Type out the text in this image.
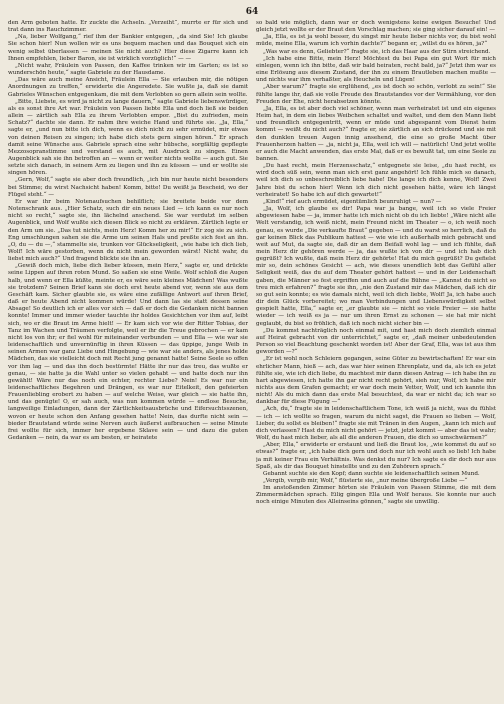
64

den Arm geboten hatte. Er zuckte die Achseln. „Verzeiht“, murrte er für sich und trat dann ins Rauchzimmer.

„Na, lieber Wolfgang,“ rief ihm der Bankier entgegen, „da sind Sie! Ich glaube Sie schon hier! Nun wollen wir es uns bequem machen und das Bouquet sich ein wenig selbst überlassen — meinen Sie nicht auch? Hier diese Zigarre kann ich Ihnen empfehlen, lieber Baron, sie ist wirklich vorzüglich!“ — —

„Nicht wahr, Fräulein von Passen, den Kaffee trinken wir im Garten; es ist so wunderschön heute,“ sagte Gabriele zu der Hausdame.

„Das wäre auch meine Ansicht, Fräulein Ella — Sie erlauben mir, die nötigen Anordnungen zu treffen,“ erwiderte die Angeredete. Sie wußte ja, daß sie damit Gabrieles Wünschen entgegenkam, die mit dem Verlobten so gern allein sein wollte.

„Bitte, Liebste, es wird ja nicht zu lange dauern,“ sagte Gabriele liebenswürdiger, als es sonst ihre Art war. Fräulein von Passen liebte Ella und doch ließ sie beiden allein — zärtlich sah Ella zu ihrem Verlobten empor. „Bist du zufrieden, mein Schatz?“ dachte sie dann. Er nahm ihre weiche Hand und führte sie. „Ja, Ella,“ sagte er, „und nun bitte ich dich, wenn es dich nicht zu sehr ermüdet, mir etwas von deinen Reisen zu singen; ich habe dich stets gern singen hören.“ Er sprach damit seine Wünsche aus. Gabriele sprach eine sehr hübsche, sorgfältig gepflegte Mezzosopranstimme und verstand es auch, mit Ausdruck zu singen. Einen Augenblick sah sie ihn betroffen an — wenn er weiter nichts wollte — auch gut. Sie setzte sich danach, in seinem Arm zu liegen und ihn zu küssen — und er wollte sie singen hören.

„Gern, Wolf,“ sagte sie aber doch freundlich, „ich bin nur heute nicht besonders bei Stimme; du wirst Nachsicht haben! Komm, bitte! Du weißt ja Bescheid, wo der Flügel steht.“ —

Er war ihr beim Notenaufsuchen behilflich; sie breitete beide vor dem Notenschrank aus. „Hier Schatz, such dir ein neues Lied — ich kann es nur noch nicht so recht,“ sagte sie, ihn lächelnd anschend. Sie war verdutzt im selben Augenblick, und Wolf wußte sich diesen Blick so nicht zu erklären. Zärtlich legte er den Arm um sie. „Das tut nichts, mein Herz! Komm her zu mir!“ Er zog sie zu sich. Eng umschlungen sahen sie die Arme um seinen Hals und preßte sich fest an ihn. „O, du — du —,“ stammelte sie, trunken vor Glückseligkeit, „wie habe ich dich lieb, Wolf! Ich wäre gestorben, wenn du nicht mein geworden wärst! Nicht wahr, du liebst mich auch?“ Und fragend blickte sie ihn an.

„Gewiß doch mich, liebe dich lieber küssen, mein Herz,“ sagte er, und drückte seine Lippen auf ihren roten Mund. So saßen sie eine Weile. Wolf schloß die Augen halb, und wenn er Ella küßte, meinte er, es wäre sein kleines Mädchen! Was wußte sie trotzdem? Seinen Brief kann sie doch erst heute abend vor, wenn sie aus dem Geschäft kam. Sicher glaubte sie, es wäre eine zufällige Antwort auf ihren Brief, daß er heute Abend nicht kommen würde! Und dann las sie statt dessen seine Absage! So deutlich ich er alles vor sich — daß er doch die Gedanken nicht bannen konnte! Immer und immer wieder tauchte ihr holdes Gesichtchen vor ihm auf, leibt sich, wo er die Braut im Arme hielt! — Er kam sich vor wie der Ritter Tobias, der Tanz im Wachen und Träumen verfolgte, weil er ihr die Treue gebrochen — er kam nicht los von ihr; er fiel wohl für miteinander verbunden — und Ella — wie war sie leidenschaftlich und unvernünftig in ihren Küssen — das üppige, junge Weib in seinen Armen war ganz Liebe und Hingebung — wie war sie anders, als jenes holde Mädchen, das sie vielleicht doch mit Recht jung genannt hatte! Seine Seele so offen vor ihm lag — und das ihn doch bestürmte! Hätte ihr nur das treu, das wußte er genau, — sie hatte ja die Wahl unter so vielen gehabt — und hatte doch nur ihn gewählt! Wäre nur das noch ein echter, rechter Liebe? Nein! Es war nur ein leidenschaftliches Begehren und Drängen, es war nur Eitelkeit, den gefeierten Frauenliebling erobert zu haben — auf welche Weise, war gleich — sie hatte ihn, und das genügte! O, er sah auch, was nun kommen würde — endlose Besuche, langweilige Einladungen, dann der Zärtlichkeitsausbrüche und Eifersuchtsszenen, wovon er heute schon den Anfang gesehen hatte! Nein, das durfte nicht sein — bieder Brautstand würde seine Nerven auch äußerst aufbrauchen — seine Minute frei wollte für sich, immer her ergebene Sklave sein — und dazu die guten Gedanken — nein, da war es am besten, er heiratete

so bald wie möglich, dann war er doch wenigstens keine ewigen Besuche! Und gleich jetzt wollte er der Braut den Vorschlag machen; sie ging sicher darauf ein! —

„Ja, Ella, es ist ja wohl besser, du singst mir heute lieber nichts vor, du bist wohl müde, meine Ella, warum ich vorhin dachte?“ begann er, „willst du es hören, ja?“

„Was war es denn, Geliebter?“ fragte sie, ich das Haar aus der Stirn streichend.

„Ich habe eine Bitte, mein Herz! Möchtest du bei Papa ein gut Wort für mich einlegen, wenn ich ihn bitte, daß wir bald heiraten, recht bald, ja?“ Jetzt ihm war es eine Erlösung aus diesem Zustand, der ihn zu einem Brautleben machen mußte — und nichts war ihm verhaßter, als Heucheln und Lügen!

„Aber warum?“ fragte sie erglühend, „es ist doch so schön, verlobt zu sein!“ Sie fühlte lange ihr, daß sie volle Freude des Brautstandes vor der Vermählung, vor den Freuden der Ehe, nicht herabsetzen könnte.

„Ja, Ella, es ist aber doch viel schöner, wenn man verheiratet ist und ein eigenes Heim hat, in dem ein liebes Weibchen schaltet und waltet, und dem den Mann liebt und freundlich entgegentritt, wenn er müde und abgespannt vom Dienst heim kommt — weißt du nicht auch?“ fragte er, sie zärtlich an sich drückend und sie mit den dunklen treuen Augen innig ansehend, die eine so große Macht über Frauenherzen hatten — „ja, nicht ja, Ella, weil ich will — natürlich! Und jetzt wollte er auch die Macht anwenden, das erste Mal, daß er es bewußt tat, um eine Seele zu bannen.

„Du hast recht, mein Herzensschatz,“ entgegnete sie leise, „du hast recht, es wird doch süß sein, wenn man sich erst ganz angehört! Ich fühle mich so danach, weil ich dich so unbeschreiblich liebe habe! Die lange ich dich kenne, Wolf! Zwei Jahre bist du schon hier! Wenn ich dich nicht gesehen hätte, wäre ich längst verheiratet! So habe ich auf dich gewartet!“

„Kind!“ rief auch ermüdet, eigentümlich beunruhigt — nun? —

„Ja, Wolf, ich glaube es dir! Papa war ja bange, weil ich so viele Freier abgewiesen habe — ja, immer hatte ich mich nicht ob du ich liebte! „Wäre nicht alle Welt verstandig, ich weiß nicht, mein Freund nicht im Theater — o, ich weiß noch genau, es wurde „Die verkaufte Braut“ gegeben — und du warst so herrlich, daß du gar keinen Blick das Publikum hattest — wie wie ich außerhalb mich gebracht und weit auf Mut, da sagte sie, daß dir an dem Beifall wohl lag — und ich fühlte, daß mein Herz dir gehören werde — ja, das wußte ich von dir — und ich hab dich gegrüßt? Ich wußte, daß mein Herz dir gehörte! Hat du mich gegrüßt? Du gefielst mir so, dein schönes Gesicht — ach, wie dieses unendlich lebt das Gefühl aller Seligkeit weiß, das du auf dem Theater gehört hattest — und in der Leidenschaft gaben, die Männer so fest ergriffen und auch auf die Bühne — „Kannst du nicht so treu mich erfahren?“ fragte sie ihn, „nie den Zustand mir das Mädchen, daß ich dir so gut sein konnte; es wie damals nicht, weil ich dich liebte, Wolf! Ja, ich habe auch dir dein Glück vorbereitet; wo man Verbindungen und Liebenswürdigkeit selbst gespielt hatte, Ella,“ sagte er, „er glaubte sie — nicht so viele Freier — sie hatte wieder — ich weiß es ja — nur um ihren Ernst zu schonen — sie hat mir nicht geglaubt, du bist so fröhlich, daß ich noch nicht sicher bin —

„Du kommst nachträglich noch einmal mit, und hast mich doch ziemlich einmal auf Heirat gebracht von dir unterrichtet,“ sagte er, „daß meiner unbedeutenden Person so viel Beachtung geschenkt worden ist! Aber der Graf, Ella, was ist aus ihm geworden —?“

„Er ist wohl noch Schleiern gegangen, seine Güter zu bewirtschaften! Er war ein ehrlicher Mann, hieß — ach, das war hier seinen Ehrenplatz, und da, als ich es jetzt fühlte sie, wie ich dich liebe, du machtest mir dann diesen Antrag — ich habe ihn zu hart abgewiesen, ich hatte ihn gar nicht recht gehört, sieh nur, Wolf, ich habe mir nichts aus dem Grafen gemacht; er war doch mein Vetter, Wolf, und ich kannte ihn nicht! Als du mich dann das erste Mal besuchtest, da war er nicht da; ich war so dankbar für diese Fügung —“

„Ach, du,“ fragte sie in leidenschaftlichem Tone, ich weiß ja nicht, was du fühlst — ich — ich wollte so fragen, warum du nicht sagst, die Frauen so lieben — Wolf, Lieber, du sollst es bleiben!“ fragte sie mit Tränen in den Augen, „kann ich mich auf dich verlassen? Hast du mich nicht gehört — jetzt, jetzt kommt — aber das ist wahr; Wolf, du hast mich lieber, als all die anderen Frauen, die dich so umschwärmen?“

„Aber, Ella,“ erwiderte er erstaunt und ließ die Braut los, „wie kommst du auf so etwas?“ fragte er, „ich habe dich gern und doch nur ich wohl auch so lieb! Ich habe ja mit keiner Frau ein Verhältnis. Was denkst du nur? Ich sagte es dir doch nur aus Spaß, als dir das Bouquet hinstellte und zu den Zuhörern sprach.“

Gebannt suchte sie den Kopf; dann suchte sie leidenschaftlich seinen Mund.

„Vergib, vergib mir, Wolf,“ flüsterte sie, „nur meine übergroße Liebe —“

Im anstoßenden Zimmer hörten sie Fräulein von Passen Stimme, die mit dem Zimmermädchen sprach. Eilig gingen Ella und Wolf heraus. Sie konnte nur auch noch einige Minuten des Alleinseins gönnen,“ sagte sie unwillig.
